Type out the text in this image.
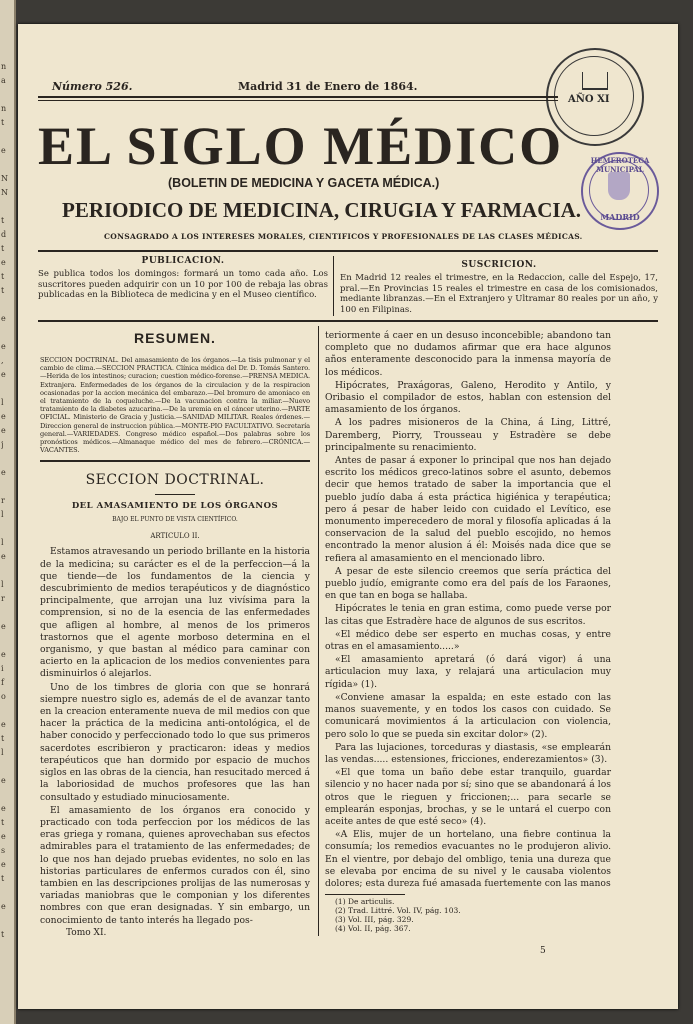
n
a

n
t

e

N
N

t
d
t
e
t
t

e

e
,
e

l
e
e
j

e

r
l

l
e

l
r

e

e
i
f
o

e
t
l

e

e
t
e
s
e
t

e

t
AÑO XI
HEMEROTECA MUNICIPAL
MADRID
Número 526.	Madrid 31 de Enero de 1864.
EL SIGLO MÉDICO
(BOLETIN DE MEDICINA Y GACETA MÉDICA.)
PERIODICO DE MEDICINA, CIRUGIA Y FARMACIA.
CONSAGRADO A LOS INTERESES MORALES, CIENTIFICOS Y PROFESIONALES DE LAS CLASES MÉDICAS.
PUBLICACION.
Se publica todos los domingos: formará un tomo cada año. Los suscritores pueden adquirir con un 10 por 100 de rebaja las obras publicadas en la Biblioteca de medicina y en el Museo científico.
SUSCRICION.
En Madrid 12 reales el trimestre, en la Redaccion, calle del Espejo, 17, pral.—En Provincias 15 reales el trimestre en casa de los comisionados, mediante libranzas.—En el Extranjero y Ultramar 80 reales por un año, y 100 en Filipinas.
RESUMEN.
SECCION DOCTRINAL. Del amasamiento de los órganos.—La tisis pulmonar y el cambio de clima.—SECCION PRACTICA. Clínica médica del Dr. D. Tomás Santero.—Herida de los intestinos; curacion; cuestion médico-forense.—PRENSA MEDICA. Extranjera. Enfermedades de los órganos de la circulacion y de la respiracion ocasionadas por la accion mecánica del embarazo.—Del bromuro de amoniaco en el tratamiento de la coqueluche.—De la vacunacion contra la miliar.—Nuevo tratamiento de la diabetes azucarina.—De la uremia en el cáncer uterino.—PARTE OFICIAL. Ministerio de Gracia y Justicia.—SANIDAD MILITAR. Reales órdenes.—Direccion general de instruccion pública.—MONTE-PIO FACULTATIVO. Secretaría general.—VARIEDADES. Congreso médico español.—Dos palabras sobre los pronósticos médicos.—Almanaque médico del mes de febrero.—CRÓNICA.—VACANTES.
SECCION DOCTRINAL.
DEL AMASAMIENTO DE LOS ÓRGANOS
BAJO EL PUNTO DE VISTA CIENTÍFICO.
ARTICULO II.

Estamos atravesando un periodo brillante en la historia de la medicina; su carácter es el de la perfeccion—á la que tiende—de los fundamentos de la ciencia y descubrimiento de medios terapéuticos y de diagnóstico principalmente, que arrojan una luz vivísima para la comprension, si no de la esencia de las enfermedades que afligen al hombre, al menos de los primeros trastornos que el agente morboso determina en el organismo, y que bastan al médico para caminar con acierto en la aplicacion de los medios convenientes para disminuirlos ó alejarlos.

Uno de los timbres de gloria con que se honrará siempre nuestro siglo es, además de el de avanzar tanto en la creacion enteramente nueva de mil medios con que hacer la práctica de la medicina anti-ontológica, el de haber conocido y perfeccionado todo lo que sus primeros sacerdotes escribieron y practicaron: ideas y medios terapéuticos que han dormido por espacio de muchos siglos en las obras de la ciencia, han resucitado merced á la laboriosidad de muchos profesores que las han consultado y estudiado minuciosamente.

El amasamiento de los órganos era conocido y practicado con toda perfeccion por los médicos de las eras griega y romana, quienes aprovechaban sus efectos admirables para el tratamiento de las enfermedades; de lo que nos han dejado pruebas evidentes, no solo en las historias particulares de enfermos curados con él, sino tambien en las descripciones prolijas de las numerosas y variadas maniobras que le componian y los diferentes nombres con que eran designadas. Y sin embargo, un conocimiento de tanto interés ha llegado pos-

Tomo XI.

teriormente á caer en un desuso inconcebible; abandono tan completo que no dudamos afirmar que era hace algunos años enteramente desconocido para la inmensa mayoría de los médicos.

Hipócrates, Praxágoras, Galeno, Herodito y Antilo, y Oribasio el compilador de estos, hablan con estension del amasamiento de los órganos.

A los padres misioneros de la China, á Ling, Littré, Daremberg, Piorry, Trousseau y Estradère se debe principalmente su renacimiento.

Antes de pasar á exponer lo principal que nos han dejado escrito los médicos greco-latinos sobre el asunto, debemos decir que hemos tratado de saber la importancia que el pueblo judío daba á esta práctica higiénica y terapéutica; pero á pesar de haber leido con cuidado el Levítico, ese monumento imperecedero de moral y filosofía aplicadas á la conservacion de la salud del pueblo escojido, no hemos encontrado la menor alusion á él: Moisés nada dice que se refiera al amasamiento en el mencionado libro.

A pesar de este silencio creemos que sería práctica del pueblo judío, emigrante como era del país de los Faraones, en que tan en boga se hallaba.

Hipócrates le tenia en gran estima, como puede verse por las citas que Estradère hace de algunos de sus escritos.

«El médico debe ser esperto en muchas cosas, y entre otras en el amasamiento.....»

«El amasamiento apretará (ó dará vigor) á una articulacion muy laxa, y relajará una articulacion muy rígida» (1).

«Conviene amasar la espalda; en este estado con las manos suavemente, y en todos los casos con cuidado. Se comunicará movimientos á la articulacion con violencia, pero solo lo que se pueda sin excitar dolor» (2).

Para las lujaciones, torceduras y diastasis, «se emplearán las vendas..... estensiones, fricciones, enderezamientos» (3).

«El que toma un baño debe estar tranquilo, guardar silencio y no hacer nada por sí; sino que se abandonará á los otros que le rieguen y friccionen;... para secarle se emplearán esponjas, brochas, y se le untará el cuerpo con aceite antes de que esté seco» (4).

«A Elis, mujer de un hortelano, una fiebre continua la consumía; los remedios evacuantes no le produjeron alivio. En el vientre, por debajo del ombligo, tenia una dureza que se elevaba por encima de su nivel y le causaba violentos dolores; esta dureza fué amasada fuertemente con las manos

(1) De articulis.
(2) Trad. Littré. Vol. IV, pág. 103.
(3) Vol. III, pág. 329.
(4) Vol. II, pág. 367.
5
